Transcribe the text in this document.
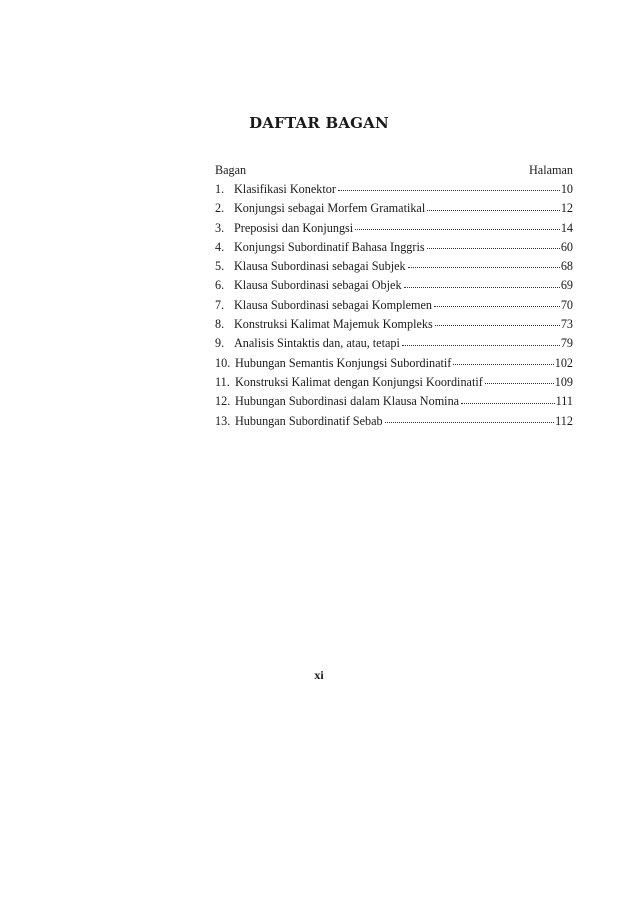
DAFTAR BAGAN
Bagan	Halaman
1. Klasifikasi Konektor	10
2. Konjungsi sebagai Morfem Gramatikal	12
3. Preposisi dan Konjungsi	14
4. Konjungsi Subordinatif Bahasa Inggris	60
5. Klausa Subordinasi sebagai Subjek	68
6. Klausa Subordinasi sebagai Objek	69
7. Klausa Subordinasi sebagai Komplemen	70
8. Konstruksi Kalimat Majemuk Kompleks	73
9. Analisis Sintaktis dan, atau, tetapi	79
10. Hubungan Semantis Konjungsi Subordinatif	102
11. Konstruksi Kalimat dengan Konjungsi Koordinatif	109
12. Hubungan Subordinasi dalam Klausa Nomina	111
13. Hubungan Subordinatif Sebab	112
xi
